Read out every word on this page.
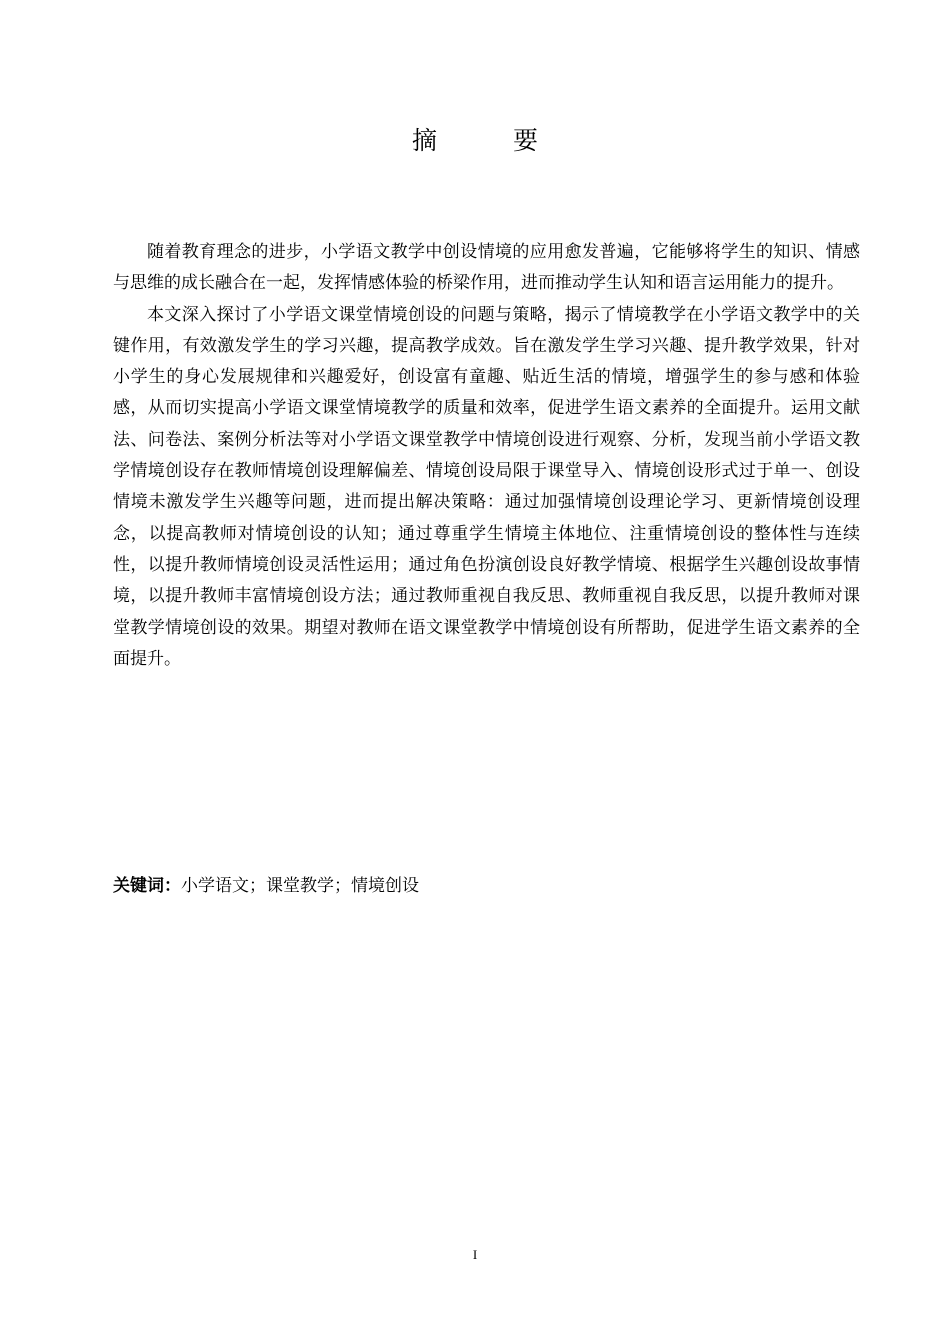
摘 要

随着教育理念的进步，小学语文教学中创设情境的应用愈发普遍，它能够将学生的知识、情感与思维的成长融合在一起，发挥情感体验的桥梁作用，进而推动学生认知和语言运用能力的提升。

本文深入探讨了小学语文课堂情境创设的问题与策略，揭示了情境教学在小学语文教学中的关键作用，有效激发学生的学习兴趣，提高教学成效。旨在激发学生学习兴趣、提升教学效果，针对小学生的身心发展规律和兴趣爱好，创设富有童趣、贴近生活的情境，增强学生的参与感和体验感，从而切实提高小学语文课堂情境教学的质量和效率，促进学生语文素养的全面提升。运用文献法、问卷法、案例分析法等对小学语文课堂教学中情境创设进行观察、分析，发现当前小学语文教学情境创设存在教师情境创设理解偏差、情境创设局限于课堂导入、情境创设形式过于单一、创设情境未激发学生兴趣等问题，进而提出解决策略：通过加强情境创设理论学习、更新情境创设理念，以提高教师对情境创设的认知；通过尊重学生情境主体地位、注重情境创设的整体性与连续性，以提升教师情境创设灵活性运用；通过角色扮演创设良好教学情境、根据学生兴趣创设故事情境，以提升教师丰富情境创设方法；通过教师重视自我反思、教师重视自我反思，以提升教师对课堂教学情境创设的效果。期望对教师在语文课堂教学中情境创设有所帮助，促进学生语文素养的全面提升。

关键词：小学语文；课堂教学；情境创设
I
